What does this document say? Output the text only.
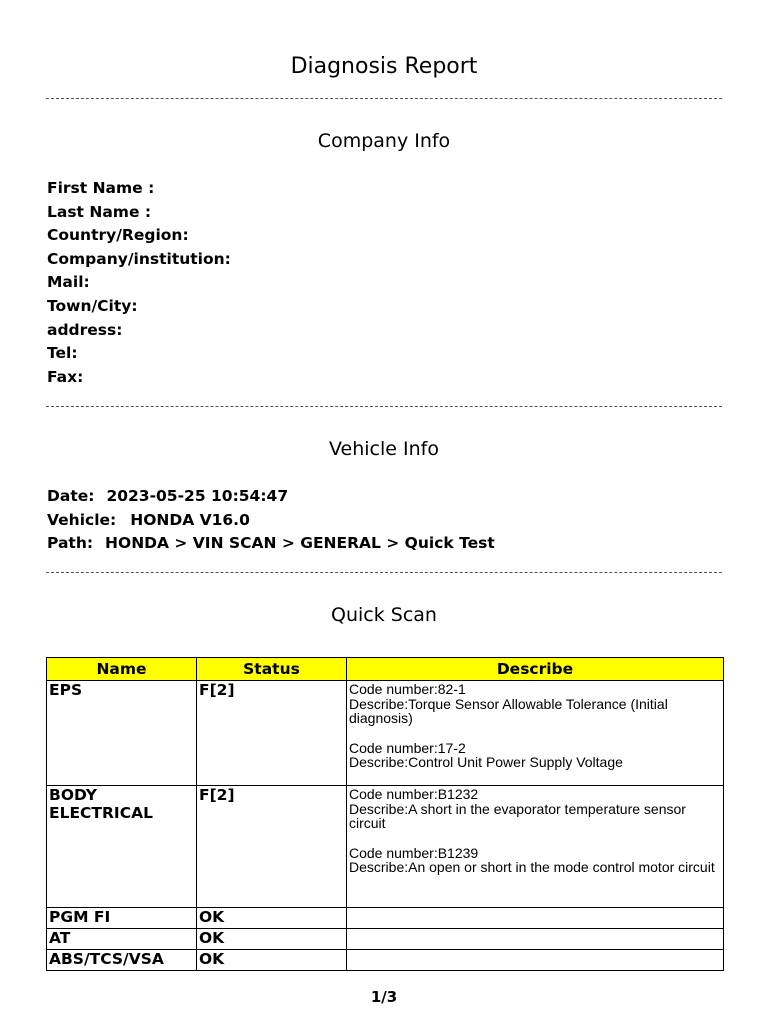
Diagnosis Report
Company Info
First Name :
Last Name :
Country/Region:
Company/institution:
Mail:
Town/City:
address:
Tel:
Fax:
Vehicle Info
Date: 2023-05-25 10:54:47
Vehicle: HONDA V16.0
Path: HONDA > VIN SCAN > GENERAL > Quick Test
Quick Scan
Name	Status	Describe
EPS	F[2]	Code number:82-1
Describe:Torque Sensor Allowable Tolerance (Initial diagnosis)
Code number:17-2
Describe:Control Unit Power Supply Voltage

BODY ELECTRICAL	F[2]	Code number:B1232
Describe:A short in the evaporator temperature sensor circuit
Code number:B1239
Describe:An open or short in the mode control motor circuit

PGM FI	OK	
AT	OK	
ABS/TCS/VSA	OK	
1/3
